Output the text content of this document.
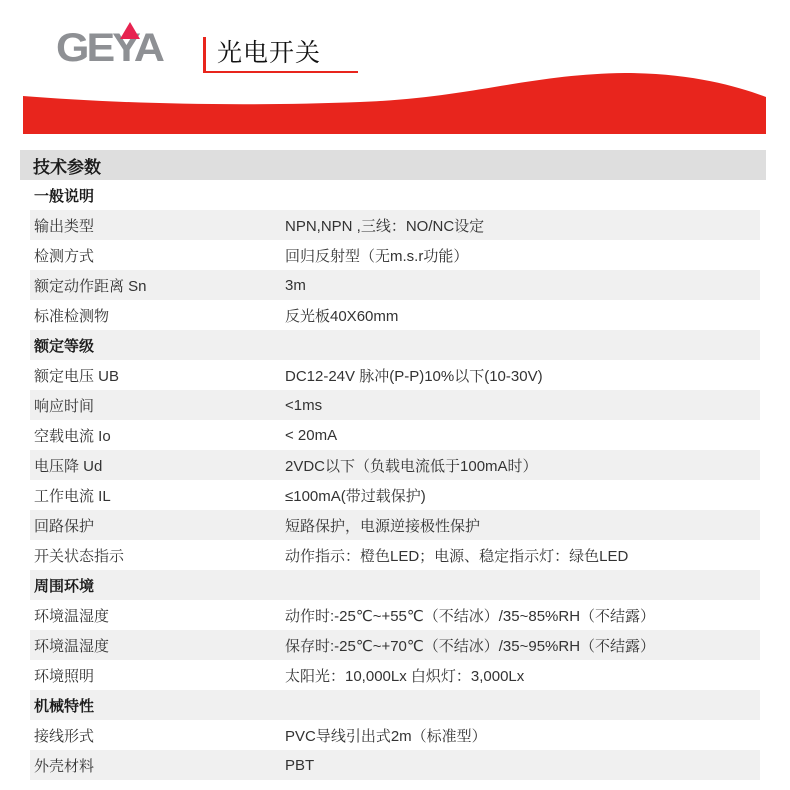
GEYA	光电开关
技术参数
一般说明
输出类型	NPN,NPN ,三线：NO/NC设定
检测方式	回归反射型（无m.s.r功能）
额定动作距离 Sn	3m
标准检测物	反光板40X60mm
额定等级
额定电压 UB	DC12-24V 脉冲(P-P)10%以下(10-30V)
响应时间	<1ms
空载电流 Io	< 20mA
电压降 Ud	2VDC以下（负载电流低于100mA时）
工作电流 IL	≤100mA(带过载保护)
回路保护	短路保护，电源逆接极性保护
开关状态指示	动作指示：橙色LED；电源、稳定指示灯：绿色LED
周围环境
环境温湿度	动作时:-25℃~+55℃（不结冰）/35~85%RH（不结露）
环境温湿度	保存时:-25℃~+70℃（不结冰）/35~95%RH（不结露）
环境照明	太阳光：10,000Lx 白炽灯：3,000Lx
机械特性
接线形式	PVC导线引出式2m（标准型）
外壳材料	PBT
